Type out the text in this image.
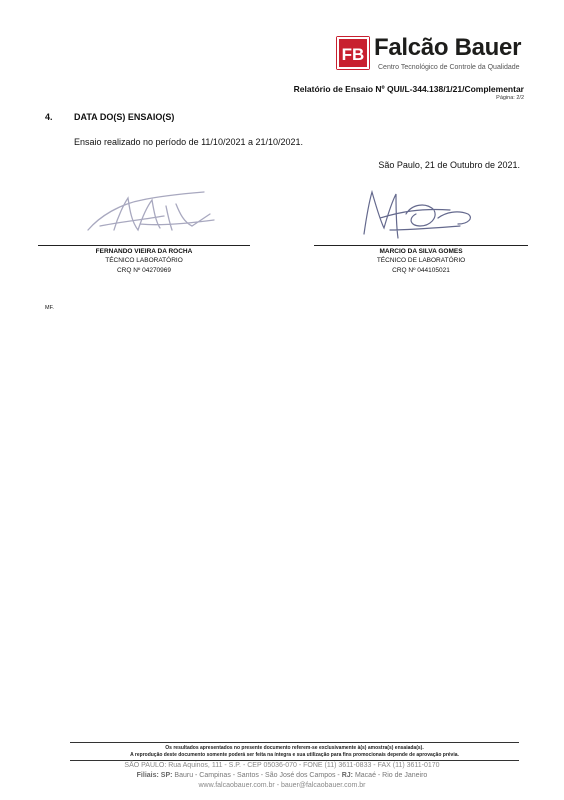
FB Falcão Bauer
Centro Tecnológico de Controle da Qualidade
Relatório de Ensaio Nº QUI/L-344.138/1/21/Complementar
Página: 2/2
4. DATA DO(S) ENSAIO(S)
Ensaio realizado no período de 11/10/2021 a 21/10/2021.
São Paulo, 21 de Outubro de 2021.
FERNANDO VIEIRA DA ROCHA
TÉCNICO LABORATÓRIO
CRQ Nº 04270969
MARCIO DA SILVA GOMES
TÉCNICO DE LABORATÓRIO
CRQ Nº 044105021
MF.
Os resultados apresentados no presente documento referem-se exclusivamente à(s) amostra(s) ensaiada(s).
A reprodução deste documento somente poderá ser feita na íntegra e sua utilização para fins promocionais depende de aprovação prévia.
SÃO PAULO: Rua Aquinos, 111 - S.P. - CEP 05036-070 - FONE (11) 3611-0833 - FAX (11) 3611-0170
Filiais: SP: Bauru - Campinas - Santos - São José dos Campos - RJ: Macaé - Rio de Janeiro
www.falcaobauer.com.br - bauer@falcaobauer.com.br
